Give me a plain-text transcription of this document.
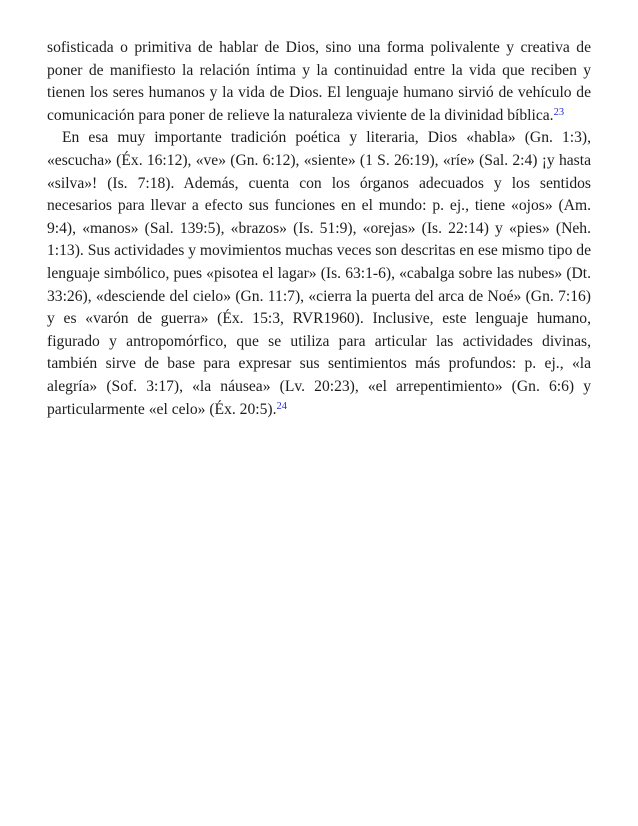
sofisticada o primitiva de hablar de Dios, sino una forma polivalente y creativa de poner de manifiesto la relación íntima y la continuidad entre la vida que reciben y tienen los seres humanos y la vida de Dios. El lenguaje humano sirvió de vehículo de comunicación para poner de relieve la naturaleza viviente de la divinidad bíblica.$^{23}$

En esa muy importante tradición poética y literaria, Dios «habla» (Gn. 1:3), «escucha» (Éx. 16:12), «ve» (Gn. 6:12), «siente» (1 S. 26:19), «ríe» (Sal. 2:4) ¡y hasta «silva»! (Is. 7:18). Además, cuenta con los órganos adecuados y los sentidos necesarios para llevar a efecto sus funciones en el mundo: p. ej., tiene «ojos» (Am. 9:4), «manos» (Sal. 139:5), «brazos» (Is. 51:9), «orejas» (Is. 22:14) y «pies» (Neh. 1:13). Sus actividades y movimientos muchas veces son descritas en ese mismo tipo de lenguaje simbólico, pues «pisotea el lagar» (Is. 63:1-6), «cabalga sobre las nubes» (Dt. 33:26), «desciende del cielo» (Gn. 11:7), «cierra la puerta del arca de Noé» (Gn. 7:16) y es «varón de guerra» (Éx. 15:3, RVR1960). Inclusive, este lenguaje humano, figurado y antropomórfico, que se utiliza para articular las actividades divinas, también sirve de base para expresar sus sentimientos más profundos: p. ej., «la alegría» (Sof. 3:17), «la náusea» (Lv. 20:23), «el arrepentimiento» (Gn. 6:6) y particularmente «el celo» (Éx. 20:5).$^{24}$
